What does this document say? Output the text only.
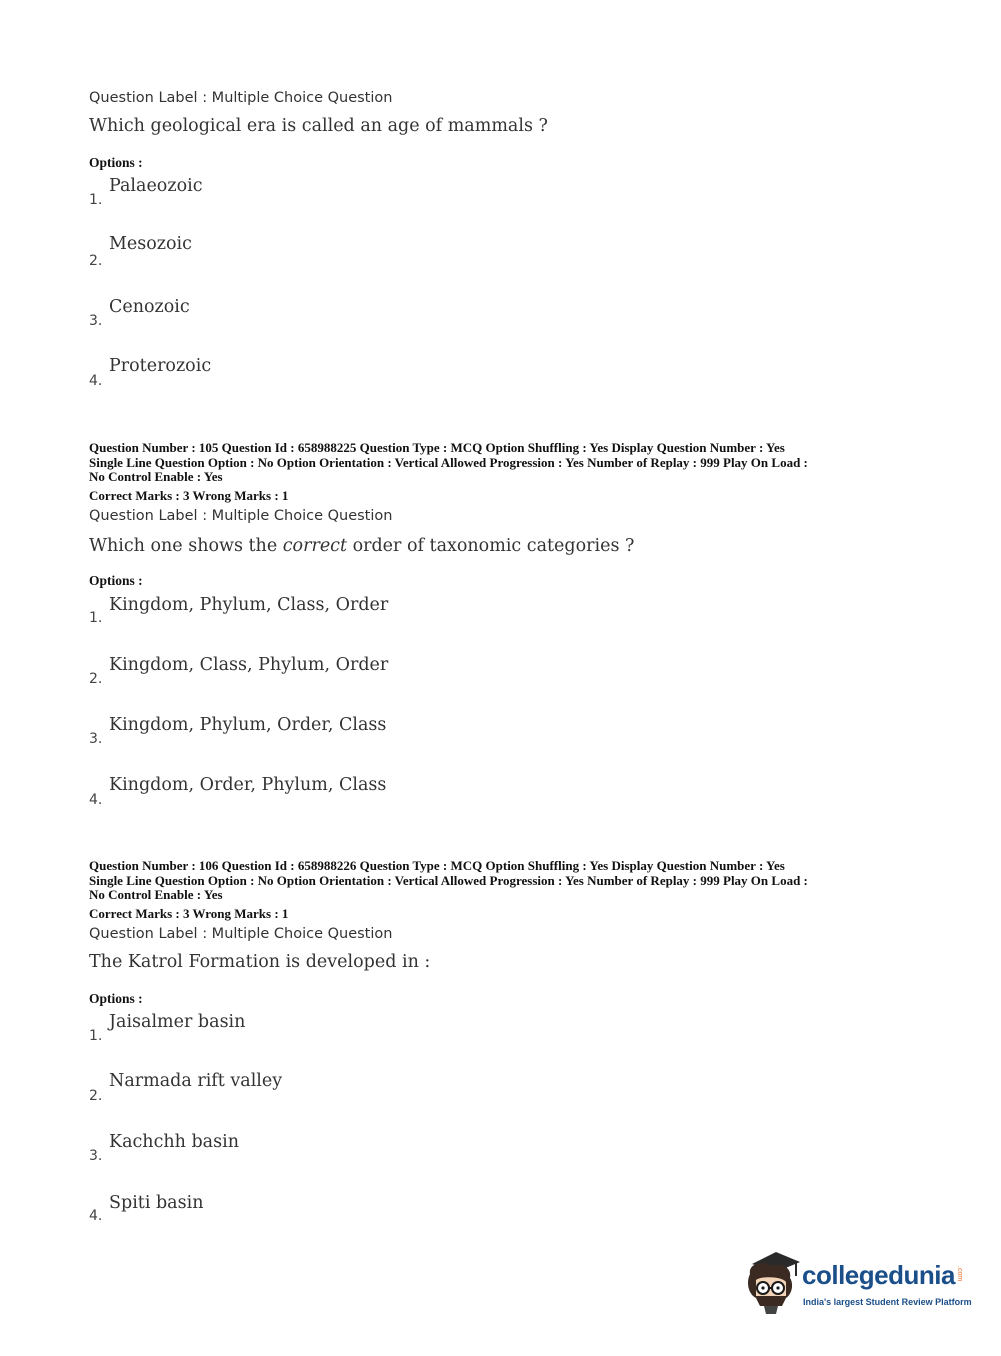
Question Label : Multiple Choice Question
Which geological era is called an age of mammals ?
Options :
Palaeozoic
1.
Mesozoic
2.
Cenozoic
3.
Proterozoic
4.
Question Number : 105 Question Id : 658988225 Question Type : MCQ Option Shuffling : Yes Display Question Number : Yes
Single Line Question Option : No Option Orientation : Vertical Allowed Progression : Yes Number of Replay : 999 Play On Load :
No Control Enable : Yes
Correct Marks : 3 Wrong Marks : 1
Question Label : Multiple Choice Question
Which one shows the correct order of taxonomic categories ?
Options :
Kingdom, Phylum, Class, Order
1.
Kingdom, Class, Phylum, Order
2.
Kingdom, Phylum, Order, Class
3.
Kingdom, Order, Phylum, Class
4.
Question Number : 106 Question Id : 658988226 Question Type : MCQ Option Shuffling : Yes Display Question Number : Yes
Single Line Question Option : No Option Orientation : Vertical Allowed Progression : Yes Number of Replay : 999 Play On Load :
No Control Enable : Yes
Correct Marks : 3 Wrong Marks : 1
Question Label : Multiple Choice Question
The Katrol Formation is developed in :
Options :
Jaisalmer basin
1.
Narmada rift valley
2.
Kachchh basin
3.
Spiti basin
4.
collegedunia .com
India's largest Student Review Platform
